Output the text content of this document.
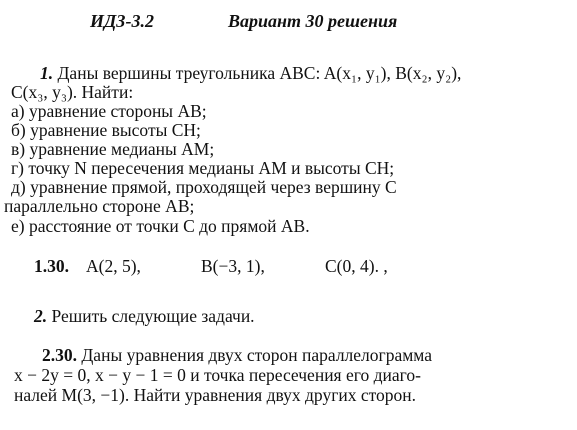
ИДЗ-3.2	Вариант 30 решения
1. Даны вершины треугольника ABC: A(x₁, y₁), B(x₂, y₂),
C(x₃, y₃). Найти:
а) уравнение стороны AB;
б) уравнение высоты CH;
в) уравнение медианы AM;
г) точку N пересечения медианы AM и высоты CH;
д) уравнение прямой, проходящей через вершину C
параллельно стороне AB;
е) расстояние от точки C до прямой AB.
1.30. A(2, 5),	B(−3, 1),	C(0, 4). ,
2. Решить следующие задачи.
2.30. Даны уравнения двух сторон параллелограмма
x − 2y = 0, x − y − 1 = 0 и точка пересечения его диаго-
налей M(3, −1). Найти уравнения двух других сторон.
